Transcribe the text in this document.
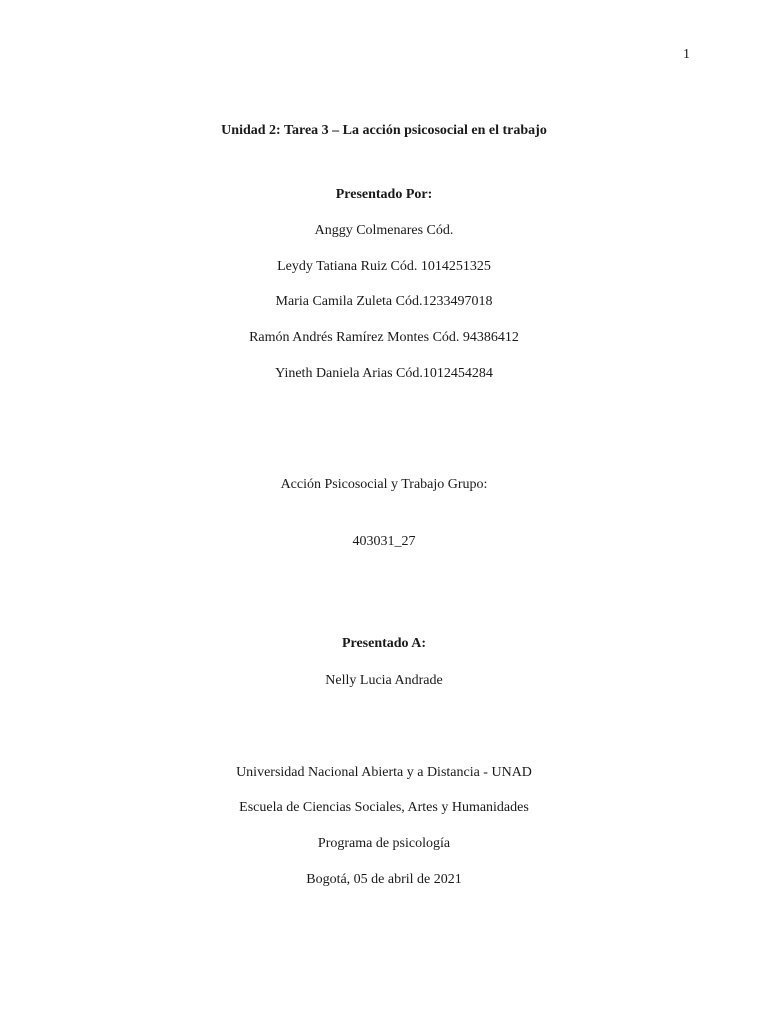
1
Unidad 2: Tarea 3 – La acción psicosocial en el trabajo
Presentado Por:
Anggy Colmenares Cód.
Leydy Tatiana Ruiz Cód. 1014251325
Maria Camila Zuleta Cód.1233497018
Ramón Andrés Ramírez Montes Cód. 94386412
Yineth Daniela Arias Cód.1012454284
Acción Psicosocial y Trabajo Grupo:
403031_27
Presentado A:
Nelly Lucia Andrade
Universidad Nacional Abierta y a Distancia - UNAD
Escuela de Ciencias Sociales, Artes y Humanidades
Programa de psicología
Bogotá, 05 de abril de 2021
